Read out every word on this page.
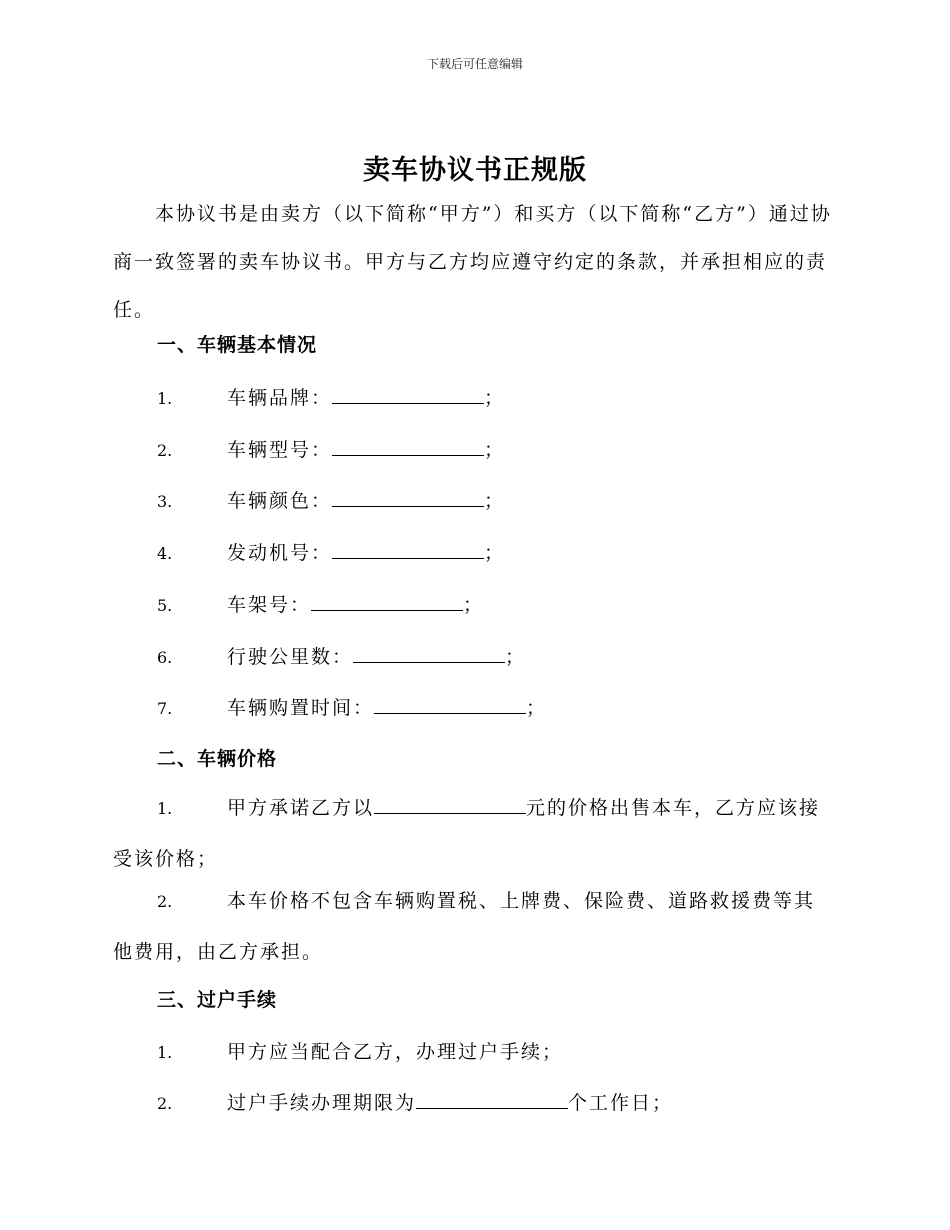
下载后可任意编辑
卖车协议书正规版
本协议书是由卖方（以下简称“甲方”）和买方（以下简称“乙方”）通过协商一致签署的卖车协议书。甲方与乙方均应遵守约定的条款，并承担相应的责任。
一、车辆基本情况
1.	车辆品牌：	；
2.	车辆型号：	；
3.	车辆颜色：	；
4.	发动机号：	；
5.	车架号：	；
6.	行驶公里数：	；
7.	车辆购置时间：	；
二、车辆价格
1.	甲方承诺乙方以	元的价格出售本车，乙方应该接受该价格；
2.	本车价格不包含车辆购置税、上牌费、保险费、道路救援费等其他费用，由乙方承担。
三、过户手续
1.	甲方应当配合乙方，办理过户手续；
2.	过户手续办理期限为	个工作日；
